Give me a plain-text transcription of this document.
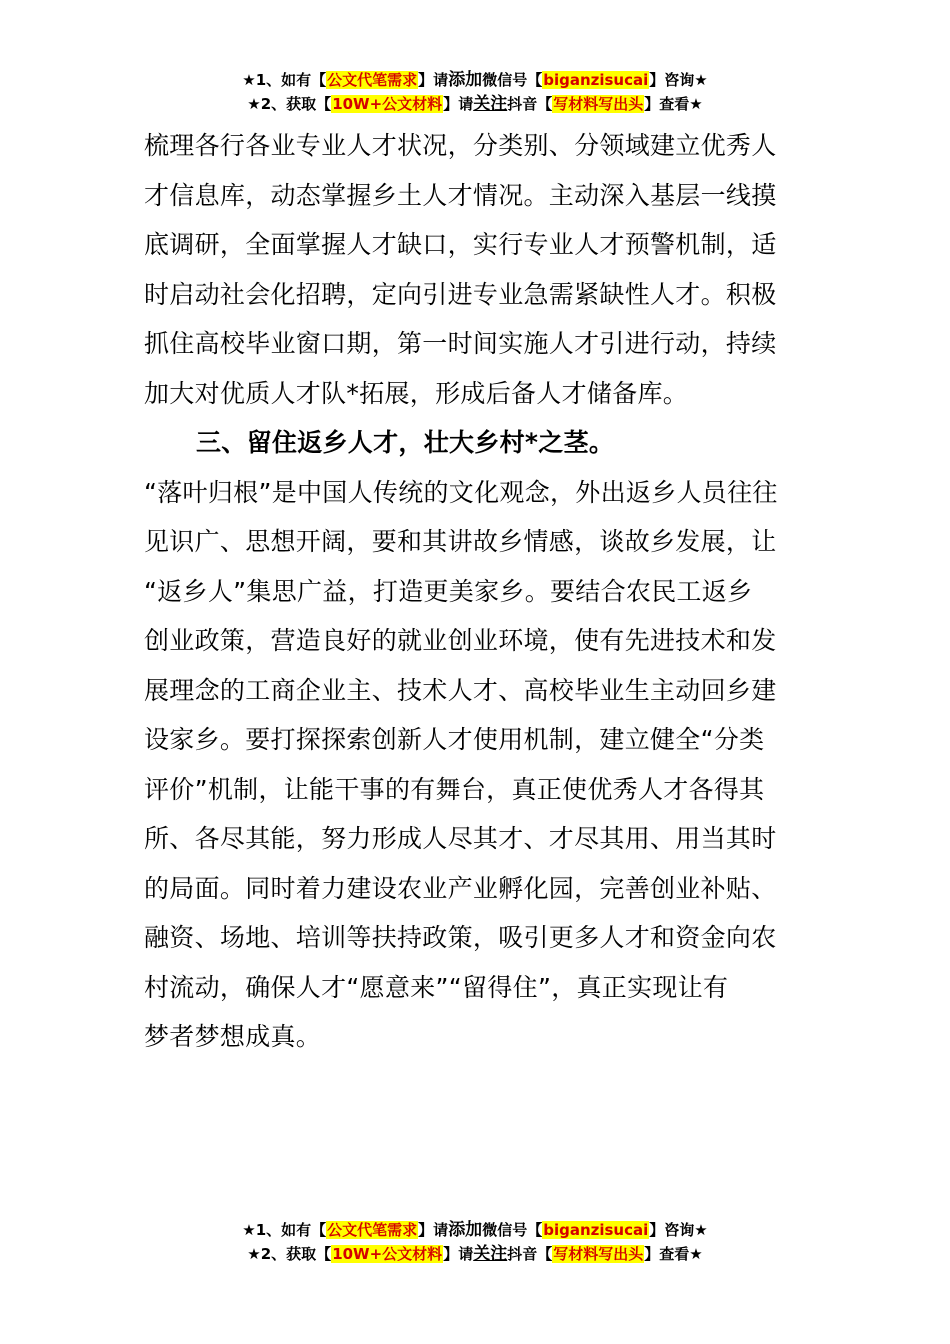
★1、如有【公文代笔需求】请添加微信号【biganzisucai】咨询★
★2、获取【10W+公文材料】请关注抖音【写材料写出头】查看★
梳理各行各业专业人才状况，分类别、分领域建立优秀人
才信息库，动态掌握乡土人才情况。主动深入基层一线摸
底调研，全面掌握人才缺口，实行专业人才预警机制，适
时启动社会化招聘，定向引进专业急需紧缺性人才。积极
抓住高校毕业窗口期，第一时间实施人才引进行动，持续
加大对优质人才队*拓展，形成后备人才储备库。
三、留住返乡人才，壮大乡村*之茎。
“落叶归根”是中国人传统的文化观念，外出返乡人员往往
见识广、思想开阔，要和其讲故乡情感，谈故乡发展，让
“返乡人”集思广益，打造更美家乡。要结合农民工返乡
创业政策，营造良好的就业创业环境，使有先进技术和发
展理念的工商企业主、技术人才、高校毕业生主动回乡建
设家乡。要打探探索创新人才使用机制，建立健全“分类
评价”机制，让能干事的有舞台，真正使优秀人才各得其
所、各尽其能，努力形成人尽其才、才尽其用、用当其时
的局面。同时着力建设农业产业孵化园，完善创业补贴、
融资、场地、培训等扶持政策，吸引更多人才和资金向农
村流动，确保人才“愿意来”“留得住”，真正实现让有
梦者梦想成真。
★1、如有【公文代笔需求】请添加微信号【biganzisucai】咨询★
★2、获取【10W+公文材料】请关注抖音【写材料写出头】查看★
